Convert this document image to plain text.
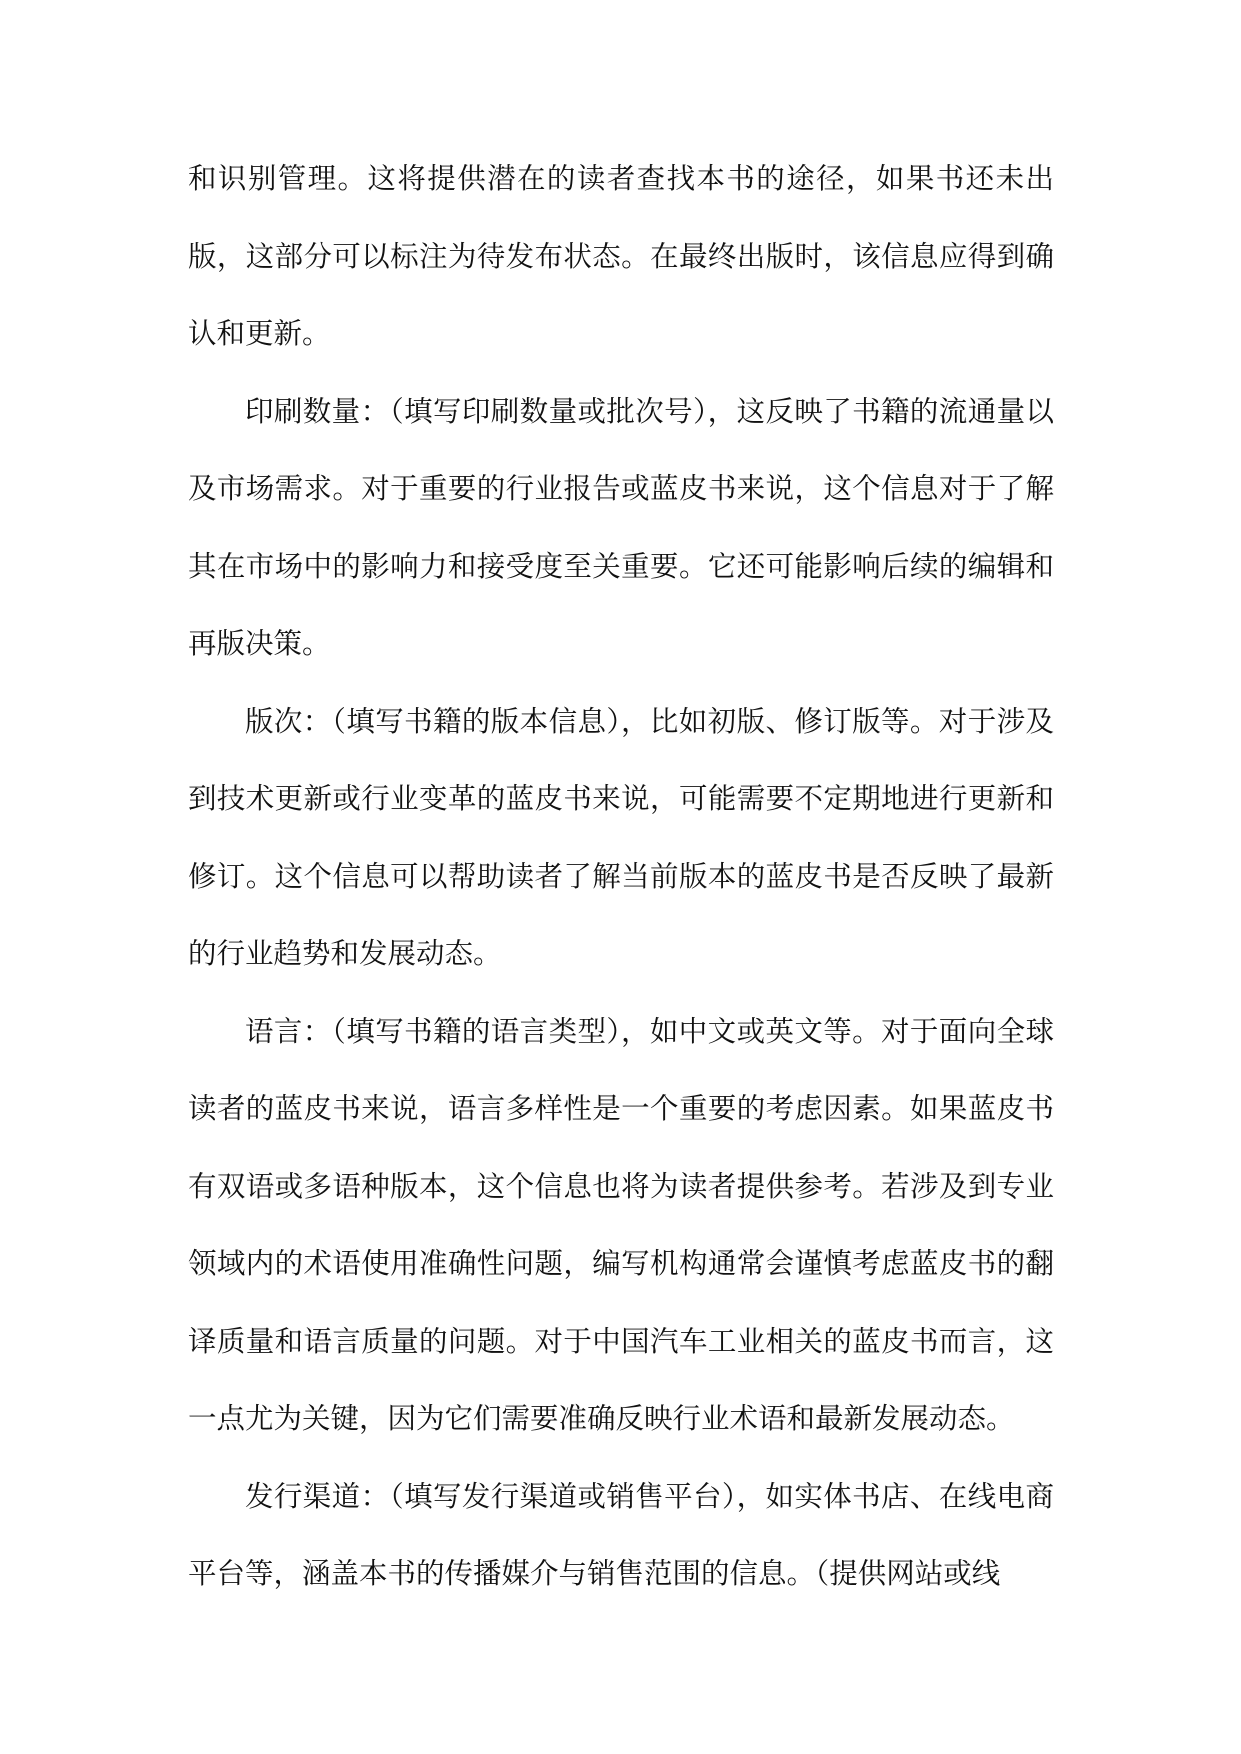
和识别管理。这将提供潜在的读者查找本书的途径，如果书还未出版，这部分可以标注为待发布状态。在最终出版时，该信息应得到确认和更新。

印刷数量：（填写印刷数量或批次号），这反映了书籍的流通量以及市场需求。对于重要的行业报告或蓝皮书来说，这个信息对于了解其在市场中的影响力和接受度至关重要。它还可能影响后续的编辑和再版决策。

版次：（填写书籍的版本信息），比如初版、修订版等。对于涉及到技术更新或行业变革的蓝皮书来说，可能需要不定期地进行更新和修订。这个信息可以帮助读者了解当前版本的蓝皮书是否反映了最新的行业趋势和发展动态。

语言：（填写书籍的语言类型），如中文或英文等。对于面向全球读者的蓝皮书来说，语言多样性是一个重要的考虑因素。如果蓝皮书有双语或多语种版本，这个信息也将为读者提供参考。若涉及到专业领域内的术语使用准确性问题，编写机构通常会谨慎考虑蓝皮书的翻译质量和语言质量的问题。对于中国汽车工业相关的蓝皮书而言，这一点尤为关键，因为它们需要准确反映行业术语和最新发展动态。

发行渠道：（填写发行渠道或销售平台），如实体书店、在线电商平台等，涵盖本书的传播媒介与销售范围的信息。（提供网站或线
